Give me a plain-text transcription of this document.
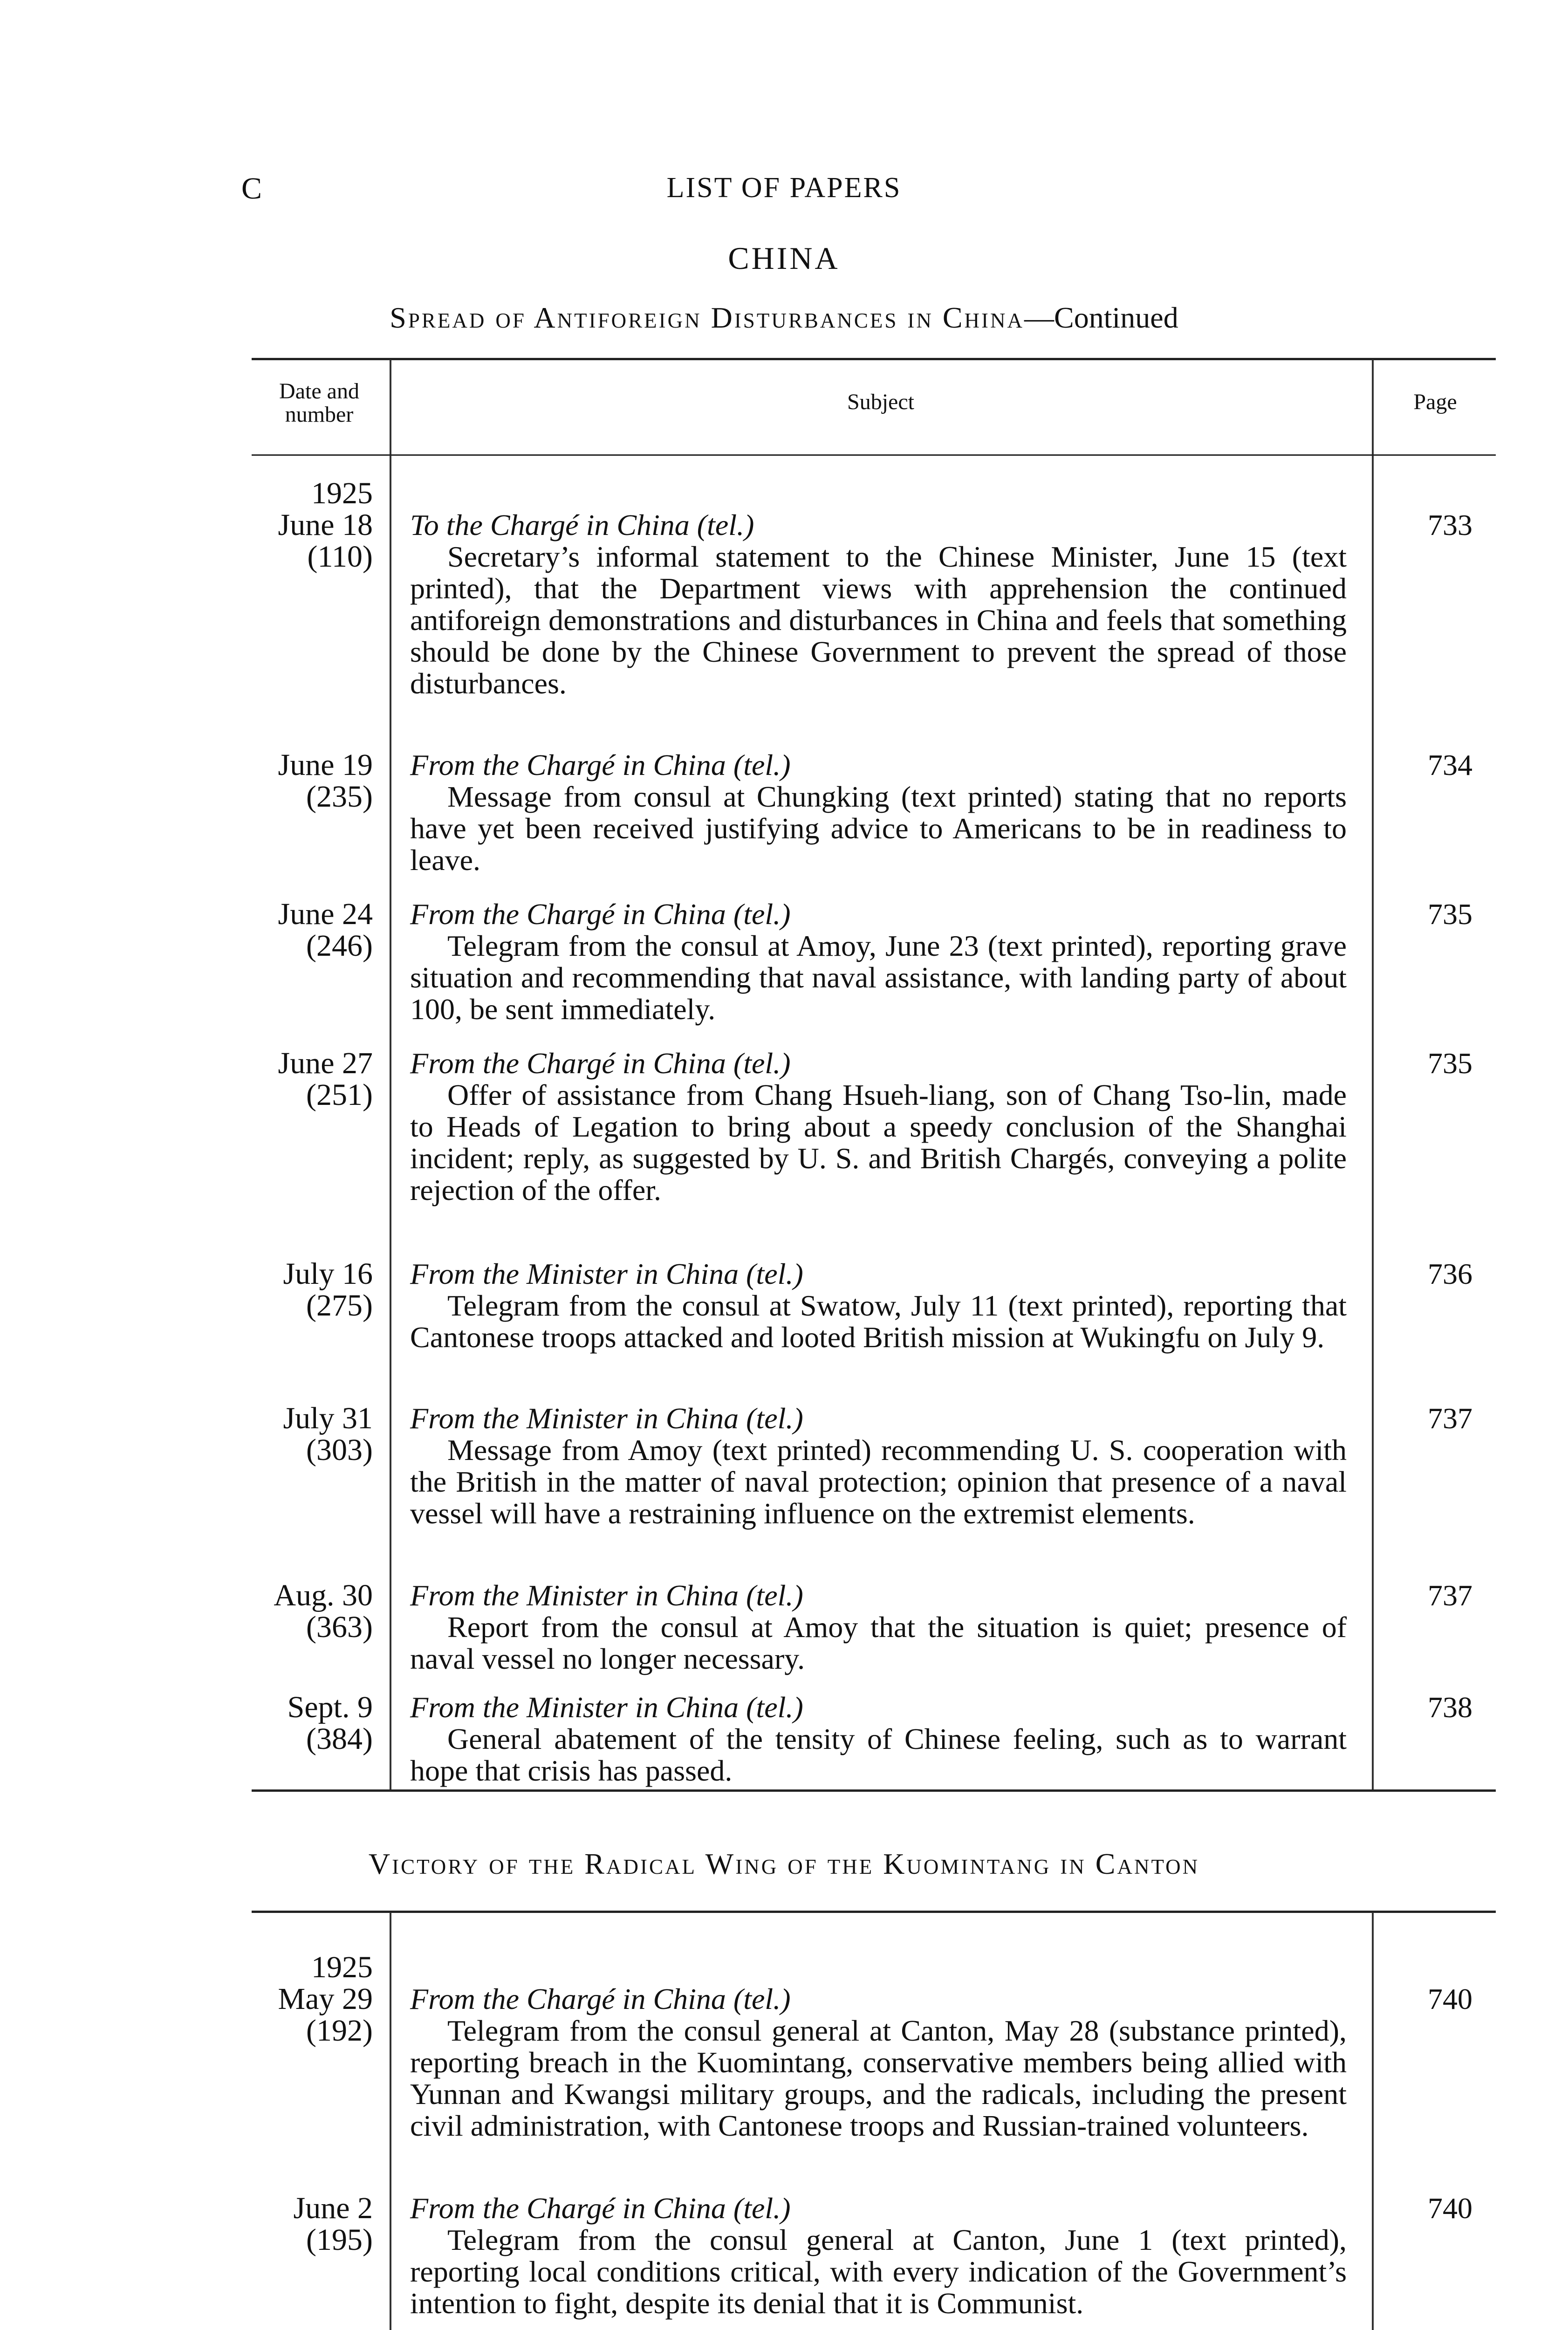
C	LIST OF PAPERS
CHINA
Spread of Antiforeign Disturbances in China—Continued
Date and
number
Subject	Page
1925
June 18
(110)
To the Chargé in China (tel.)
Secretary’s informal statement to the Chinese Minister, June 15 (text printed), that the Department views with apprehension the continued antiforeign demonstrations and disturbances in China and feels that something should be done by the Chinese Government to prevent the spread of those disturbances.
733
June 19
(235)
From the Chargé in China (tel.)
Message from consul at Chungking (text printed) stating that no reports have yet been received justifying advice to Americans to be in readiness to leave.
734
June 24
(246)
From the Chargé in China (tel.)
Telegram from the consul at Amoy, June 23 (text printed), reporting grave situation and recommending that naval assistance, with landing party of about 100, be sent immediately.
735
June 27
(251)
From the Chargé in China (tel.)
Offer of assistance from Chang Hsueh-liang, son of Chang Tso-lin, made to Heads of Legation to bring about a speedy conclusion of the Shanghai incident; reply, as suggested by U. S. and British Chargés, conveying a polite rejection of the offer.
735
July 16
(275)
From the Minister in China (tel.)
Telegram from the consul at Swatow, July 11 (text printed), reporting that Cantonese troops attacked and looted British mission at Wukingfu on July 9.
736
July 31
(303)
From the Minister in China (tel.)
Message from Amoy (text printed) recommending U. S. cooperation with the British in the matter of naval protection; opinion that presence of a naval vessel will have a restraining influence on the extremist elements.
737
Aug. 30
(363)
From the Minister in China (tel.)
Report from the consul at Amoy that the situation is quiet; presence of naval vessel no longer necessary.
737
Sept. 9
(384)
From the Minister in China (tel.)
General abatement of the tensity of Chinese feeling, such as to warrant hope that crisis has passed.
738
Victory of the Radical Wing of the Kuomintang in Canton
1925
May 29
(192)
From the Chargé in China (tel.)
Telegram from the consul general at Canton, May 28 (substance printed), reporting breach in the Kuomintang, conservative members being allied with Yunnan and Kwangsi military groups, and the radicals, including the present civil administration, with Cantonese troops and Russian-trained volunteers.
740
June 2
(195)
From the Chargé in China (tel.)
Telegram from the consul general at Canton, June 1 (text printed), reporting local conditions critical, with every indication of the Government’s intention to fight, despite its denial that it is Communist.
740
